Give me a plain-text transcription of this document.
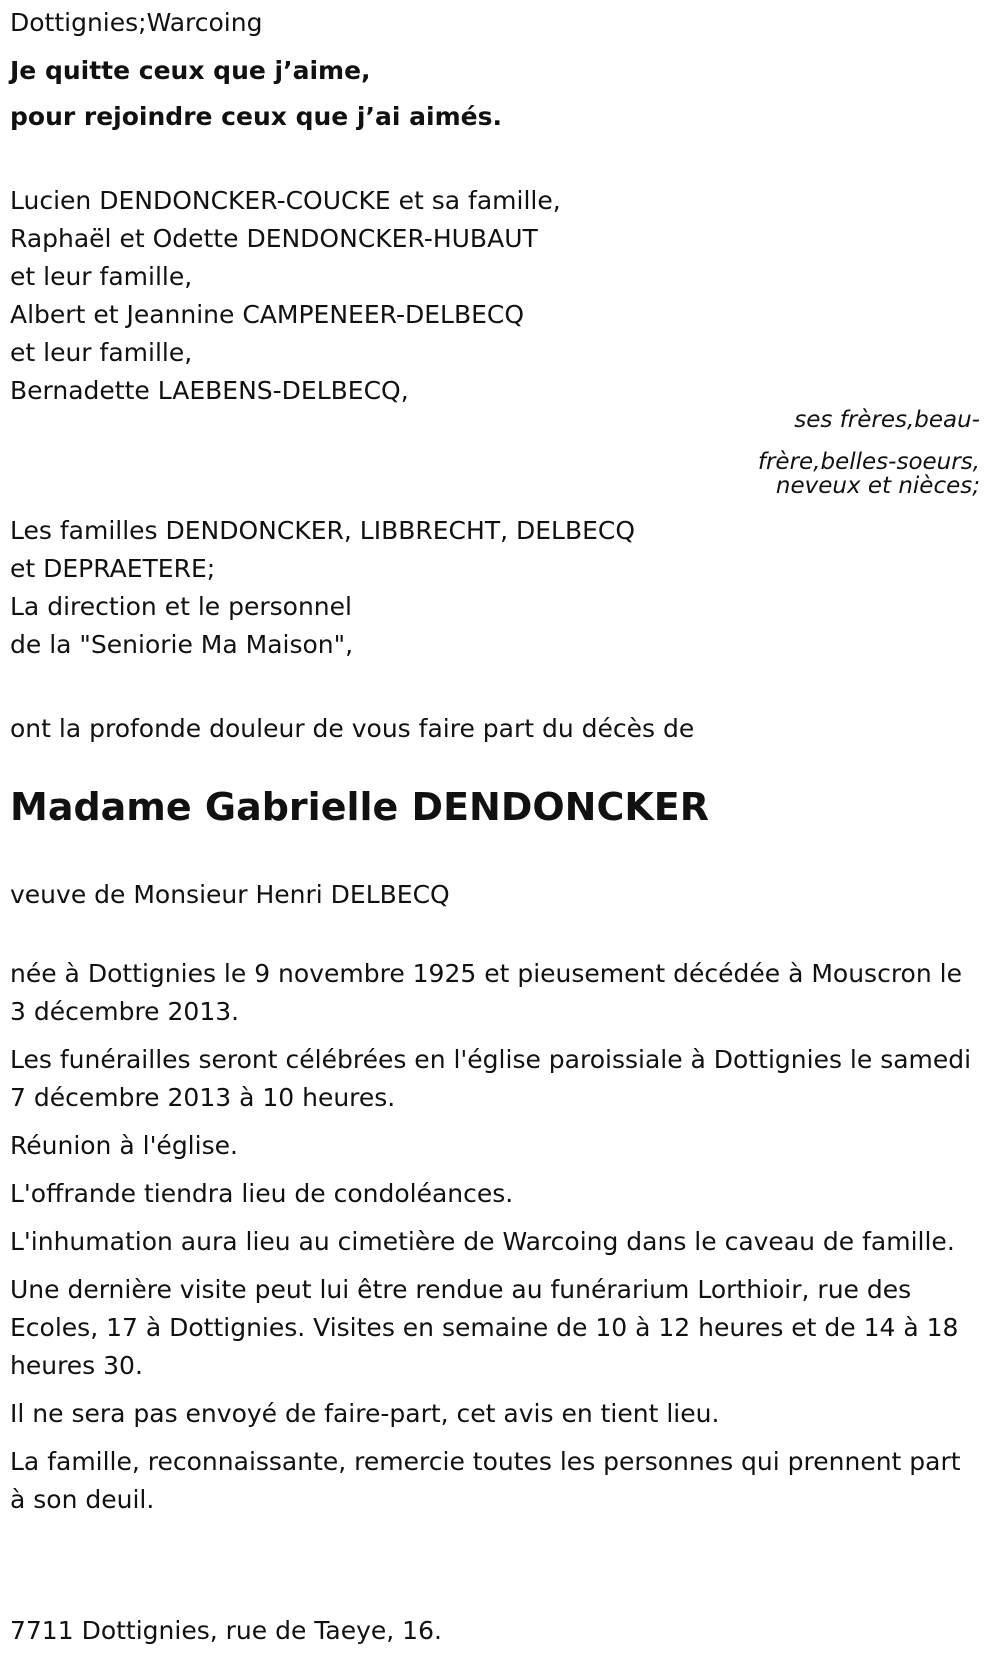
Dottignies;Warcoing

Je quitte ceux que j’aime,

pour rejoindre ceux que j’ai aimés.

Lucien DENDONCKER-COUCKE et sa famille,

Raphaël et Odette DENDONCKER-HUBAUT

et leur famille,

Albert et Jeannine CAMPENEER-DELBECQ

et leur famille,

Bernadette LAEBENS-DELBECQ,

ses frères,beau-
frère,belles-soeurs,
neveux et nièces;

Les familles DENDONCKER, LIBBRECHT, DELBECQ

et DEPRAETERE;

La direction et le personnel

de la "Seniorie Ma Maison",

ont la profonde douleur de vous faire part du décès de

Madame Gabrielle DENDONCKER

veuve de Monsieur Henri DELBECQ

née à Dottignies le 9 novembre 1925 et pieusement décédée à Mouscron le 3 décembre 2013.

Les funérailles seront célébrées en l'église paroissiale à Dottignies le samedi 7 décembre 2013 à 10 heures.

Réunion à l'église.

L'offrande tiendra lieu de condoléances.

L'inhumation aura lieu au cimetière de Warcoing dans le caveau de famille.

Une dernière visite peut lui être rendue au funérarium Lorthioir, rue des Ecoles, 17 à Dottignies. Visites en semaine de 10 à 12 heures et de 14 à 18 heures 30.

Il ne sera pas envoyé de faire-part, cet avis en tient lieu.

La famille, reconnaissante, remercie toutes les personnes qui prennent part à son deuil.

7711 Dottignies, rue de Taeye, 16.
